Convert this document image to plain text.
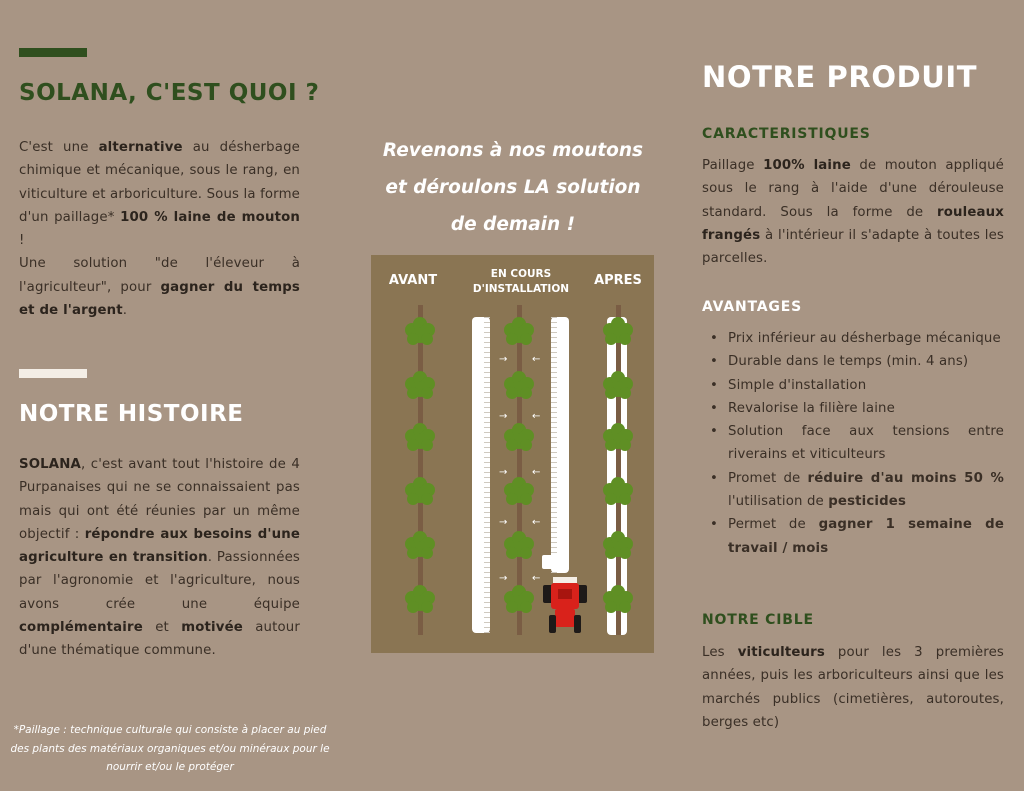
SOLANA, C'EST QUOI ?
C'est une alternative au désherbage chimique et mécanique, sous le rang, en viticulture et arboriculture. Sous la forme d'un paillage* 100 % laine de mouton !
Une solution "de l'éleveur à l'agriculteur", pour gagner du temps et de l'argent.
NOTRE HISTOIRE
SOLANA, c'est avant tout l'histoire de 4 Purpanaises qui ne se connaissaient pas mais qui ont été réunies par un même objectif : répondre aux besoins d'une agriculture en transition. Passionnées par l'agronomie et l'agriculture, nous avons crée une équipe complémentaire et motivée autour d'une thématique commune.
*Paillage : technique culturale qui consiste à placer au pied des plants des matériaux organiques et/ou minéraux pour le nourrir et/ou le protéger
Revenons à nos moutons et déroulons LA solution de demain !
AVANT	EN COURS D'INSTALLATION
APRES
→ ←
→ ←
→ ←
→ ←
→ ←
NOTRE PRODUIT
CARACTERISTIQUES
Paillage 100% laine de mouton appliqué sous le rang à l'aide d'une dérouleuse standard. Sous la forme de rouleaux frangés à l'intérieur il s'adapte à toutes les parcelles.
AVANTAGES
• Prix inférieur au désherbage mécanique
• Durable dans le temps (min. 4 ans)
• Simple d'installation
• Revalorise la filière laine
• Solution face aux tensions entre riverains et viticulteurs
• Promet de réduire d'au moins 50 % l'utilisation de pesticides
• Permet de gagner 1 semaine de travail / mois
NOTRE CIBLE
Les viticulteurs pour les 3 premières années, puis les arboriculteurs ainsi que les marchés publics (cimetières, autoroutes, berges etc)
